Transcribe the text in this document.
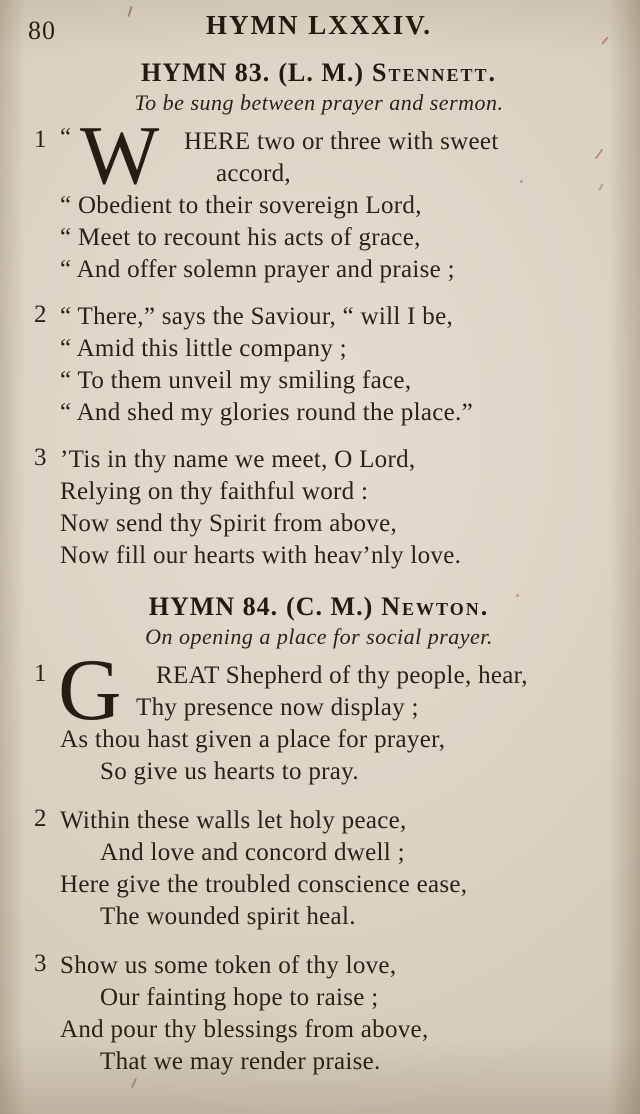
80	HYMN LXXXIV.
HYMN 83. (L. M.) Stennett.

To be sung between prayer and sermon.

1 “ W HERE two or three with sweet
accord,
“ Obedient to their sovereign Lord,
“ Meet to recount his acts of grace,
“ And offer solemn prayer and praise ;
2 “ There,” says the Saviour, “ will I be,
“ Amid this little company ;
“ To them unveil my smiling face,
“ And shed my glories round the place.”
3 ’Tis in thy name we meet, O Lord,
Relying on thy faithful word :
Now send thy Spirit from above,
Now fill our hearts with heav’nly love.
HYMN 84. (C. M.) Newton.

On opening a place for social prayer.

1 G REAT Shepherd of thy people, hear,
Thy presence now display ;
As thou hast given a place for prayer,
So give us hearts to pray.
2 Within these walls let holy peace,
And love and concord dwell ;
Here give the troubled conscience ease,
The wounded spirit heal.
3 Show us some token of thy love,
Our fainting hope to raise ;
And pour thy blessings from above,
That we may render praise.
